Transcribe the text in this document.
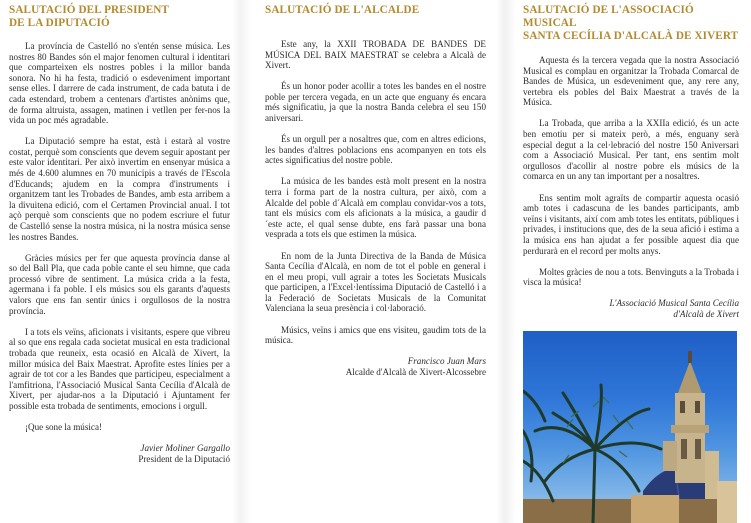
SALUTACIÓ DEL PRESIDENT
DE LA DIPUTACIÓ

La província de Castelló no s'entén sense música. Les nostres 80 Bandes són el major fenomen cultural i identitari que comparteixen els nostres pobles i la millor banda sonora. No hi ha festa, tradició o esdeveniment important sense elles. I darrere de cada instrument, de cada batuta i de cada estendard, trobem a centenars d'artistes anònims que, de forma altruista, assagen, matinen i vetllen per fer-nos la vida un poc més agradable.

La Diputació sempre ha estat, està i estarà al vostre costat, perquè som conscients que devem seguir apostant per este valor identitari. Per això invertim en ensenyar música a més de 4.600 alumnes en 70 municipis a través de l'Escola d'Educands; ajudem en la compra d'instruments i organitzem tant les Trobades de Bandes, amb esta arribem a la divuitena edició, com el Certamen Provincial anual. I tot açò perquè som conscients que no podem escriure el futur de Castelló sense la nostra música, ni la nostra música sense les nostres Bandes.

Gràcies músics per fer que aquesta província danse al so del Ball Pla, que cada poble cante el seu himne, que cada processó vibre de sentiment. La música crida a la festa, agermana i fa poble. I els músics sou els garants d'aquests valors que ens fan sentir únics i orgullosos de la nostra província.

I a tots els veïns, aficionats i visitants, espere que vibreu al so que ens regala cada societat musical en esta tradicional trobada que reuneix, esta ocasió en Alcalà de Xivert, la millor música del Baix Maestrat. Aprofite estes línies per a agrair de tot cor a les Bandes que participeu, especialment a l'amfitriona, l'Associació Musical Santa Cecília d'Alcalà de Xivert, per ajudar-nos a la Diputació i Ajuntament fer possible esta trobada de sentiments, emocions i orgull.

¡Que sone la música!

Javier Moliner Gargallo
President de la Diputació
SALUTACIÓ DE L'ALCALDE

Este any, la XXII TROBADA DE BANDES DE MÚSICA DEL BAIX MAESTRAT se celebra a Alcalà de Xivert.

És un honor poder acollir a totes les bandes en el nostre poble per tercera vegada, en un acte que enguany és encara més significatiu, ja que la nostra Banda celebra el seu 150 aniversari.

És un orgull per a nosaltres que, com en altres edicions, les bandes d'altres poblacions ens acompanyen en tots els actes significatius del nostre poble.

La música de les bandes està molt present en la nostra terra i forma part de la nostra cultura, per això, com a Alcalde del poble d´Alcalà em complau convidar-vos a tots, tant els músics com els aficionats a la música, a gaudir d´este acte, el qual sense dubte, ens farà passar una bona vesprada a tots els que estimen la música.

En nom de la Junta Directiva de la Banda de Música Santa Cecília d'Alcalà, en nom de tot el poble en general i en el meu propi, vull agrair a totes les Societats Musicals que participen, a l'Excel·lentíssima Diputació de Castelló i a la Federació de Societats Musicals de la Comunitat Valenciana la seua presència i col·laboració.

Músics, veïns i amics que ens visiteu, gaudim tots de la música.

Francisco Juan Mars
Alcalde d'Alcalà de Xivert-Alcossebre
SALUTACIÓ DE L'ASSOCIACIÓ MUSICAL
SANTA CECÍLIA D'ALCALÀ DE XIVERT

Aquesta és la tercera vegada que la nostra Associació Musical es complau en organitzar la Trobada Comarcal de Bandes de Música, un esdeveniment que, any rere any, vertebra els pobles del Baix Maestrat a través de la Música.

La Trobada, que arriba a la XXIIa edició, és un acte ben emotiu per si mateix però, a més, enguany serà especial degut a la cel·lebració del nostre 150 Aniversari com a Associació Musical. Per tant, ens sentim molt orgullosos d'acollir al nostre pobre els músics de la comarca en un any tan important per a nosaltres.

Ens sentim molt agraïts de compartir aquesta ocasió amb totes i cadascuna de les bandes participants, amb veïns i visitants, així com amb totes les entitats, públiques i privades, i institucions que, des de la seua afició i estima a la música ens han ajudat a fer possible aquest dia que perdurarà en el record per molts anys.

Moltes gràcies de nou a tots. Benvinguts a la Trobada i visca la música!

L'Associació Musical Santa Cecília
d'Alcalà de Xivert
